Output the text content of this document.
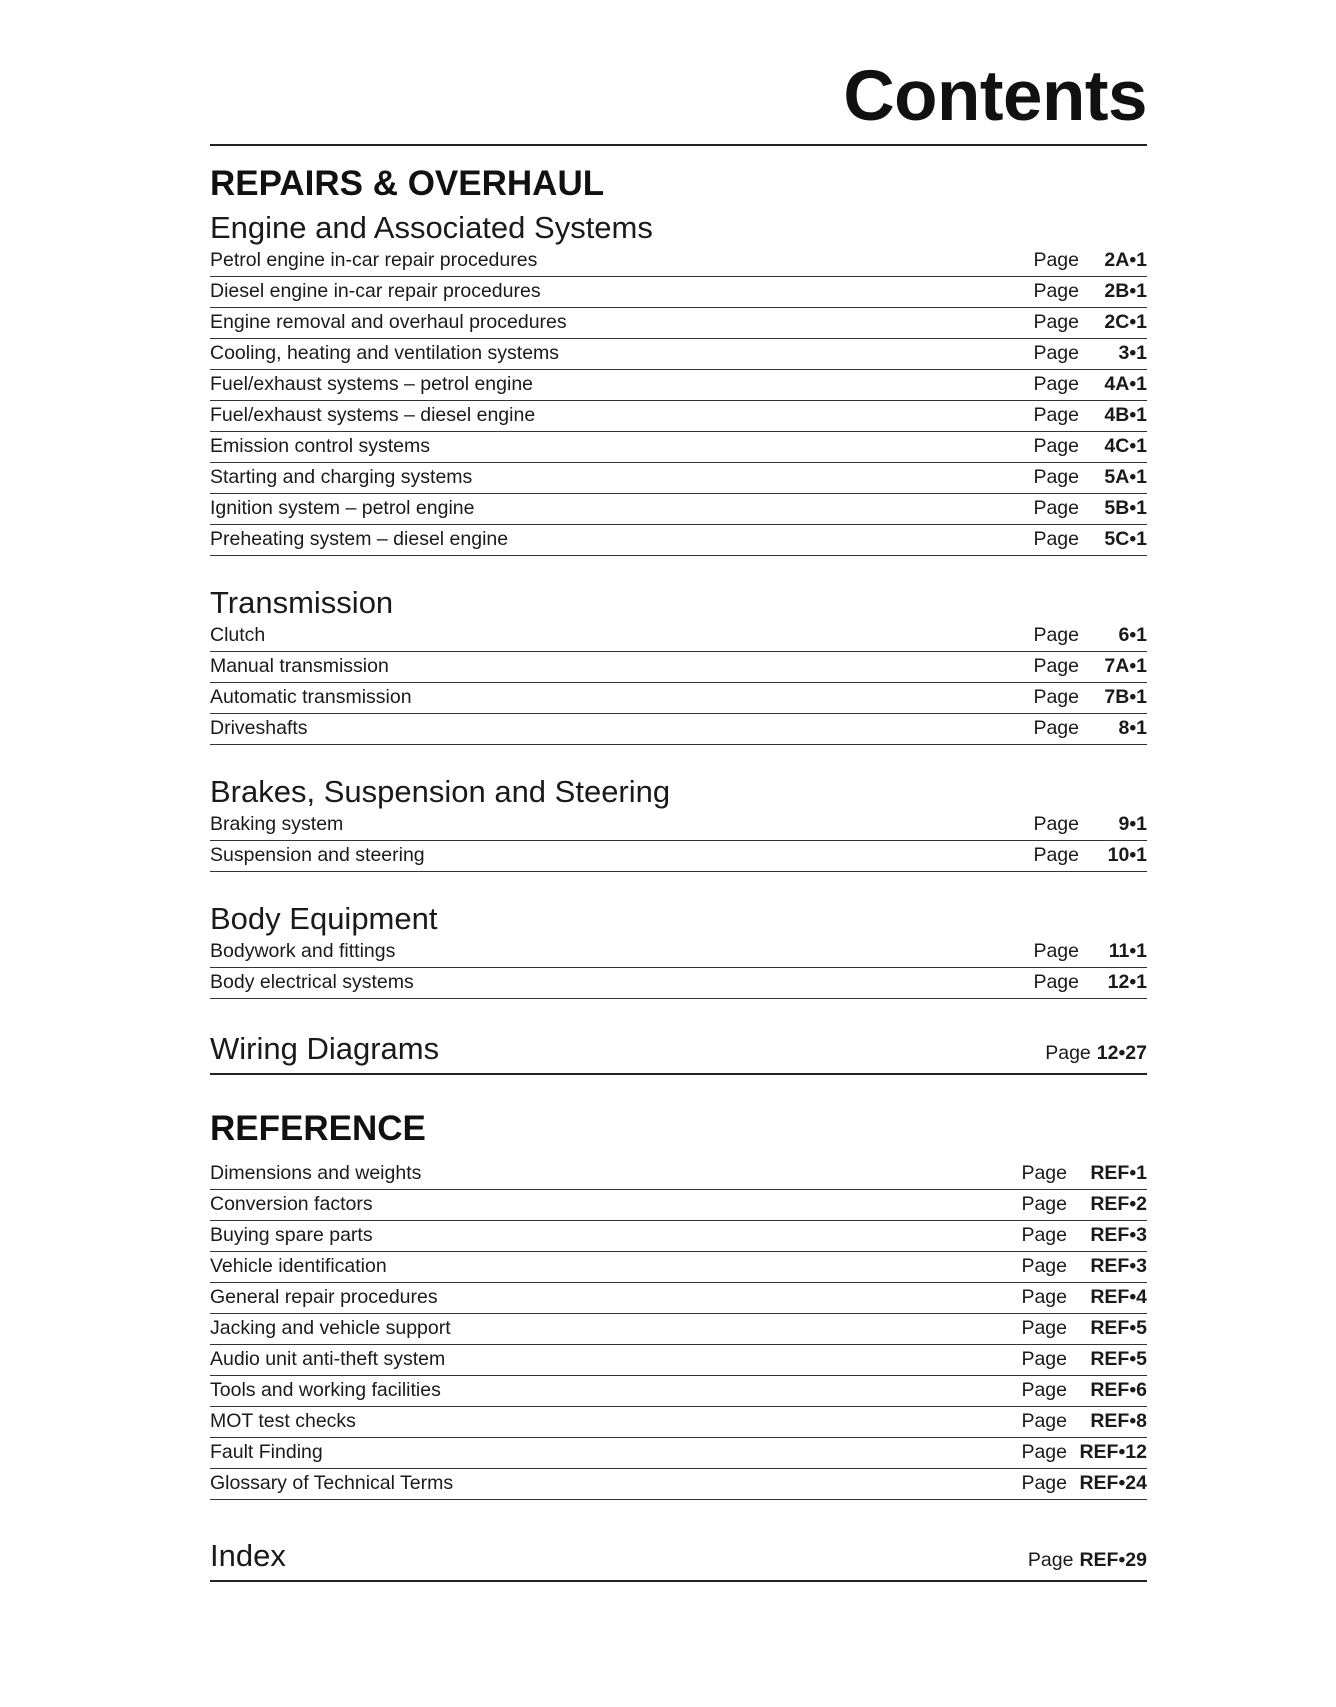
Contents
REPAIRS & OVERHAUL
Engine and Associated Systems
Petrol engine in-car repair procedures	Page	2A•1
Diesel engine in-car repair procedures	Page	2B•1
Engine removal and overhaul procedures	Page	2C•1
Cooling, heating and ventilation systems	Page	3•1
Fuel/exhaust systems – petrol engine	Page	4A•1
Fuel/exhaust systems – diesel engine	Page	4B•1
Emission control systems	Page	4C•1
Starting and charging systems	Page	5A•1
Ignition system – petrol engine	Page	5B•1
Preheating system – diesel engine	Page	5C•1
Transmission
Clutch	Page	6•1
Manual transmission	Page	7A•1
Automatic transmission	Page	7B•1
Driveshafts	Page	8•1
Brakes, Suspension and Steering
Braking system	Page	9•1
Suspension and steering	Page	10•1
Body Equipment
Bodywork and fittings	Page	11•1
Body electrical systems	Page	12•1
Wiring Diagrams	Page 12•27
REFERENCE
Dimensions and weights	Page	REF•1
Conversion factors	Page	REF•2
Buying spare parts	Page	REF•3
Vehicle identification	Page	REF•3
General repair procedures	Page	REF•4
Jacking and vehicle support	Page	REF•5
Audio unit anti-theft system	Page	REF•5
Tools and working facilities	Page	REF•6
MOT test checks	Page	REF•8
Fault Finding	Page REF•12
Glossary of Technical Terms	Page REF•24
Index	Page REF•29
